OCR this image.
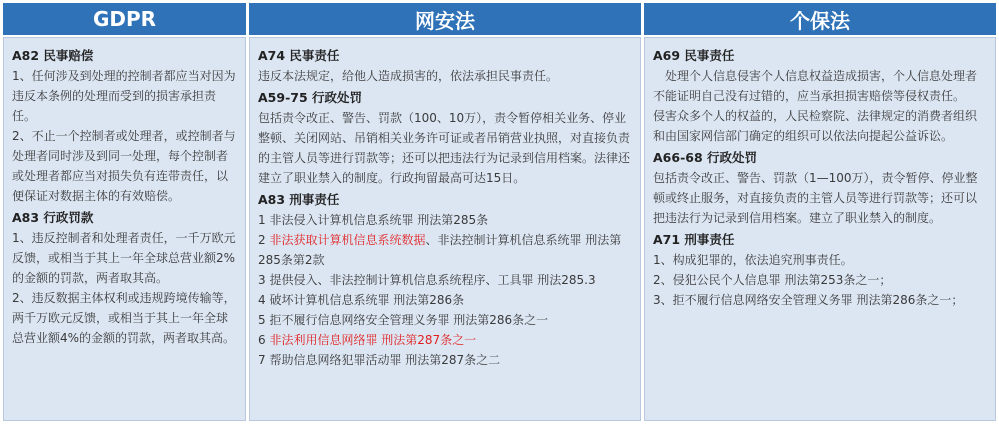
GDPR
A82 民事赔偿
1、任何涉及到处理的控制者都应当对因为违反本条例的处理而受到的损害承担责任。
2、不止一个控制者或处理者，或控制者与处理者同时涉及到同一处理，每个控制者或处理者都应当对损失负有连带责任，以便保证对数据主体的有效赔偿。
A83 行政罚款
1、违反控制者和处理者责任，一千万欧元反馈，或相当于其上一年全球总营业额2%的金额的罚款，两者取其高。
2、违反数据主体权利或违规跨境传输等，两千万欧元反馈，或相当于其上一年全球总营业额4%的金额的罚款，两者取其高。
网安法
A74 民事责任
违反本法规定，给他人造成损害的，依法承担民事责任。
A59-75 行政处罚
包括责令改正、警告、罚款（100、10万），责令暂停相关业务、停业整顿、关闭网站、吊销相关业务许可证或者吊销营业执照，对直接负责的主管人员等进行罚款等；还可以把违法行为记录到信用档案。法律还建立了职业禁入的制度。行政拘留最高可达15日。
A83 刑事责任
1 非法侵入计算机信息系统罪 刑法第285条
2 非法获取计算机信息系统数据、非法控制计算机信息系统罪 刑法第285条第2款
3 提供侵入、非法控制计算机信息系统程序、工具罪 刑法285.3
4 破坏计算机信息系统罪 刑法第286条
5 拒不履行信息网络安全管理义务罪 刑法第286条之一
6 非法利用信息网络罪 刑法第287条之一
7 帮助信息网络犯罪活动罪 刑法第287条之二
个保法
A69 民事责任
处理个人信息侵害个人信息权益造成损害，个人信息处理者不能证明自己没有过错的，应当承担损害赔偿等侵权责任。
侵害众多个人的权益的，人民检察院、法律规定的消费者组织和由国家网信部门确定的组织可以依法向提起公益诉讼。
A66-68 行政处罚
包括责令改正、警告、罚款（1—100万），责令暂停、停业整顿或终止服务，对直接负责的主管人员等进行罚款等；还可以把违法行为记录到信用档案。建立了职业禁入的制度。
A71 刑事责任
1、构成犯罪的，依法追究刑事责任。
2、侵犯公民个人信息罪 刑法第253条之一；
3、拒不履行信息网络安全管理义务罪 刑法第286条之一；
